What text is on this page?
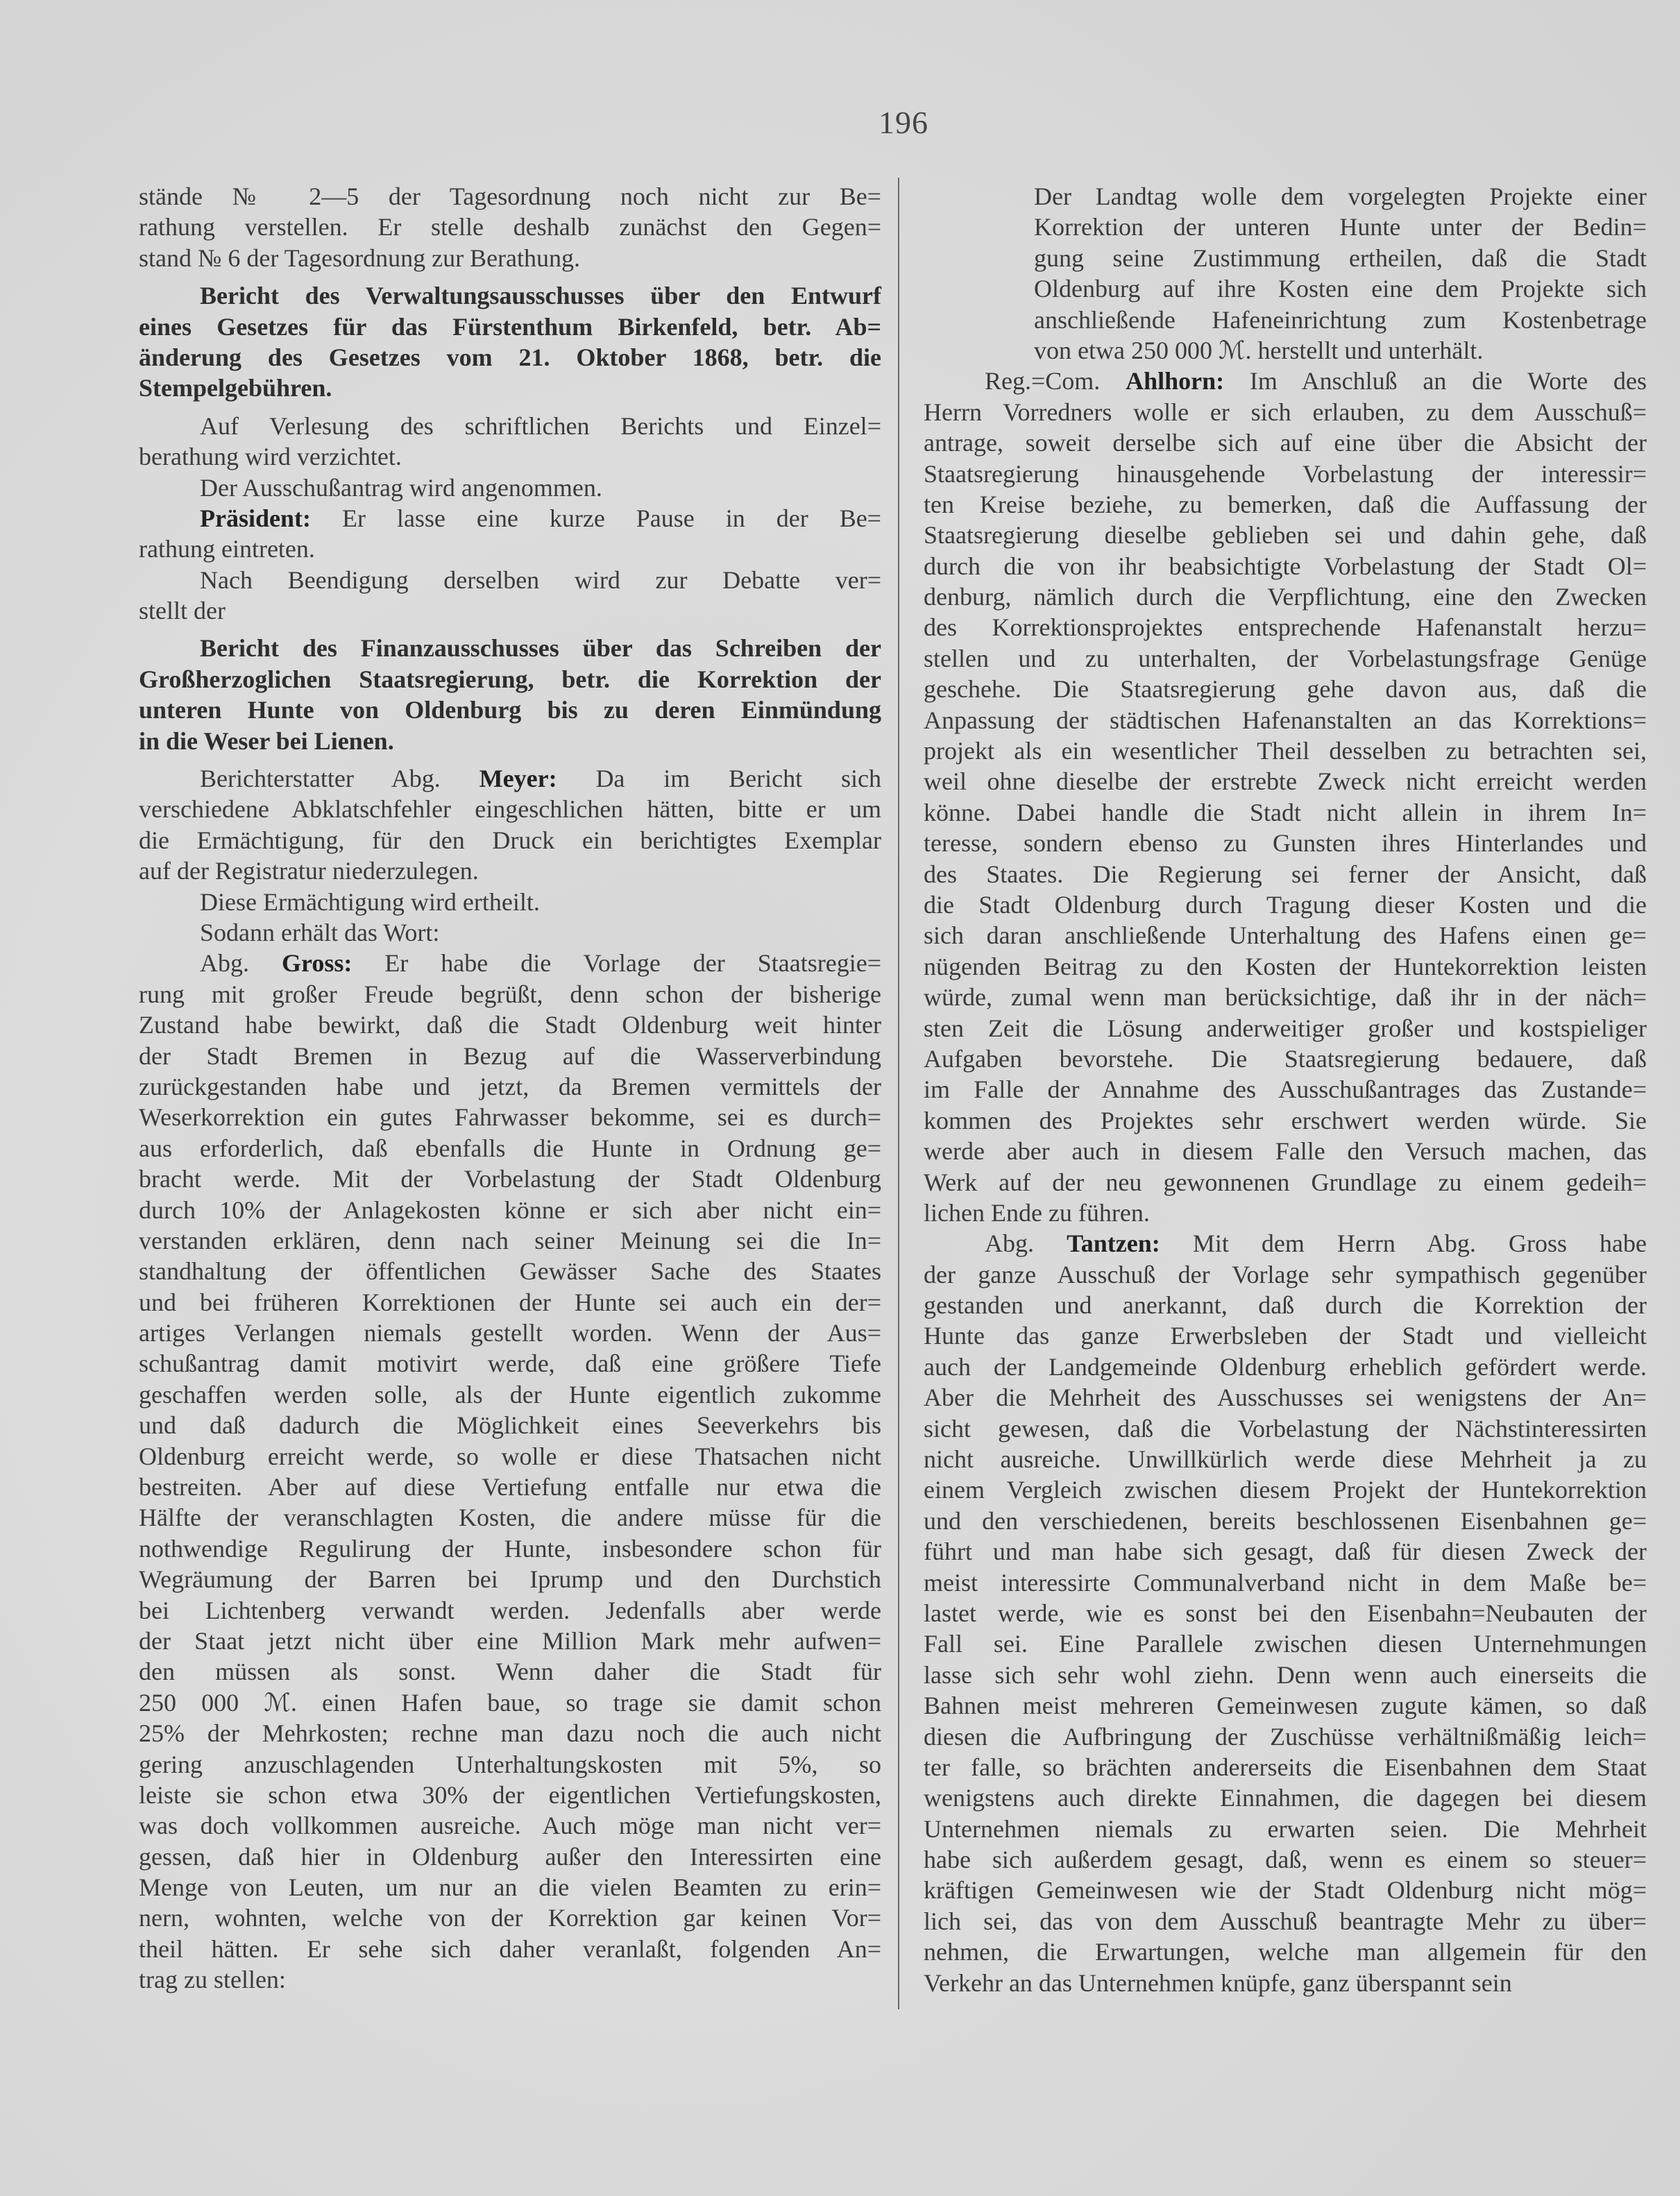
196
stände № 2—5 der Tagesordnung noch nicht zur Be=
rathung verstellen. Er stelle deshalb zunächst den Gegen=
stand № 6 der Tagesordnung zur Berathung.
Bericht des Verwaltungsausschusses über den Entwurf
eines Gesetzes für das Fürstenthum Birkenfeld, betr. Ab=
änderung des Gesetzes vom 21. Oktober 1868, betr. die
Stempelgebühren.
Auf Verlesung des schriftlichen Berichts und Einzel=
berathung wird verzichtet.
Der Ausschußantrag wird angenommen.
Präsident: Er lasse eine kurze Pause in der Be=
rathung eintreten.
Nach Beendigung derselben wird zur Debatte ver=
stellt der
Bericht des Finanzausschusses über das Schreiben der
Großherzoglichen Staatsregierung, betr. die Korrektion der
unteren Hunte von Oldenburg bis zu deren Einmündung
in die Weser bei Lienen.
Berichterstatter Abg. Meyer: Da im Bericht sich
verschiedene Abklatschfehler eingeschlichen hätten, bitte er um
die Ermächtigung, für den Druck ein berichtigtes Exemplar
auf der Registratur niederzulegen.
Diese Ermächtigung wird ertheilt.
Sodann erhält das Wort:
Abg. Gross: Er habe die Vorlage der Staatsregie=
rung mit großer Freude begrüßt, denn schon der bisherige
Zustand habe bewirkt, daß die Stadt Oldenburg weit hinter
der Stadt Bremen in Bezug auf die Wasserverbindung
zurückgestanden habe und jetzt, da Bremen vermittels der
Weserkorrektion ein gutes Fahrwasser bekomme, sei es durch=
aus erforderlich, daß ebenfalls die Hunte in Ordnung ge=
bracht werde. Mit der Vorbelastung der Stadt Oldenburg
durch 10% der Anlagekosten könne er sich aber nicht ein=
verstanden erklären, denn nach seiner Meinung sei die In=
standhaltung der öffentlichen Gewässer Sache des Staates
und bei früheren Korrektionen der Hunte sei auch ein der=
artiges Verlangen niemals gestellt worden. Wenn der Aus=
schußantrag damit motivirt werde, daß eine größere Tiefe
geschaffen werden solle, als der Hunte eigentlich zukomme
und daß dadurch die Möglichkeit eines Seeverkehrs bis
Oldenburg erreicht werde, so wolle er diese Thatsachen nicht
bestreiten. Aber auf diese Vertiefung entfalle nur etwa die
Hälfte der veranschlagten Kosten, die andere müsse für die
nothwendige Regulirung der Hunte, insbesondere schon für
Wegräumung der Barren bei Iprump und den Durchstich
bei Lichtenberg verwandt werden. Jedenfalls aber werde
der Staat jetzt nicht über eine Million Mark mehr aufwen=
den müssen als sonst. Wenn daher die Stadt für
250 000 ℳ. einen Hafen baue, so trage sie damit schon
25% der Mehrkosten; rechne man dazu noch die auch nicht
gering anzuschlagenden Unterhaltungskosten mit 5%, so
leiste sie schon etwa 30% der eigentlichen Vertiefungskosten,
was doch vollkommen ausreiche. Auch möge man nicht ver=
gessen, daß hier in Oldenburg außer den Interessirten eine
Menge von Leuten, um nur an die vielen Beamten zu erin=
nern, wohnten, welche von der Korrektion gar keinen Vor=
theil hätten. Er sehe sich daher veranlaßt, folgenden An=
trag zu stellen:
Der Landtag wolle dem vorgelegten Projekte einer
Korrektion der unteren Hunte unter der Bedin=
gung seine Zustimmung ertheilen, daß die Stadt
Oldenburg auf ihre Kosten eine dem Projekte sich
anschließende Hafeneinrichtung zum Kostenbetrage
von etwa 250 000 ℳ. herstellt und unterhält.
Reg.=Com. Ahlhorn: Im Anschluß an die Worte des
Herrn Vorredners wolle er sich erlauben, zu dem Ausschuß=
antrage, soweit derselbe sich auf eine über die Absicht der
Staatsregierung hinausgehende Vorbelastung der interessir=
ten Kreise beziehe, zu bemerken, daß die Auffassung der
Staatsregierung dieselbe geblieben sei und dahin gehe, daß
durch die von ihr beabsichtigte Vorbelastung der Stadt Ol=
denburg, nämlich durch die Verpflichtung, eine den Zwecken
des Korrektionsprojektes entsprechende Hafenanstalt herzu=
stellen und zu unterhalten, der Vorbelastungsfrage Genüge
geschehe. Die Staatsregierung gehe davon aus, daß die
Anpassung der städtischen Hafenanstalten an das Korrektions=
projekt als ein wesentlicher Theil desselben zu betrachten sei,
weil ohne dieselbe der erstrebte Zweck nicht erreicht werden
könne. Dabei handle die Stadt nicht allein in ihrem In=
teresse, sondern ebenso zu Gunsten ihres Hinterlandes und
des Staates. Die Regierung sei ferner der Ansicht, daß
die Stadt Oldenburg durch Tragung dieser Kosten und die
sich daran anschließende Unterhaltung des Hafens einen ge=
nügenden Beitrag zu den Kosten der Huntekorrektion leisten
würde, zumal wenn man berücksichtige, daß ihr in der näch=
sten Zeit die Lösung anderweitiger großer und kostspieliger
Aufgaben bevorstehe. Die Staatsregierung bedauere, daß
im Falle der Annahme des Ausschußantrages das Zustande=
kommen des Projektes sehr erschwert werden würde. Sie
werde aber auch in diesem Falle den Versuch machen, das
Werk auf der neu gewonnenen Grundlage zu einem gedeih=
lichen Ende zu führen.
Abg. Tantzen: Mit dem Herrn Abg. Gross habe
der ganze Ausschuß der Vorlage sehr sympathisch gegenüber
gestanden und anerkannt, daß durch die Korrektion der
Hunte das ganze Erwerbsleben der Stadt und vielleicht
auch der Landgemeinde Oldenburg erheblich gefördert werde.
Aber die Mehrheit des Ausschusses sei wenigstens der An=
sicht gewesen, daß die Vorbelastung der Nächstinteressirten
nicht ausreiche. Unwillkürlich werde diese Mehrheit ja zu
einem Vergleich zwischen diesem Projekt der Huntekorrektion
und den verschiedenen, bereits beschlossenen Eisenbahnen ge=
führt und man habe sich gesagt, daß für diesen Zweck der
meist interessirte Communalverband nicht in dem Maße be=
lastet werde, wie es sonst bei den Eisenbahn=Neubauten der
Fall sei. Eine Parallele zwischen diesen Unternehmungen
lasse sich sehr wohl ziehn. Denn wenn auch einerseits die
Bahnen meist mehreren Gemeinwesen zugute kämen, so daß
diesen die Aufbringung der Zuschüsse verhältnißmäßig leich=
ter falle, so brächten andererseits die Eisenbahnen dem Staat
wenigstens auch direkte Einnahmen, die dagegen bei diesem
Unternehmen niemals zu erwarten seien. Die Mehrheit
habe sich außerdem gesagt, daß, wenn es einem so steuer=
kräftigen Gemeinwesen wie der Stadt Oldenburg nicht mög=
lich sei, das von dem Ausschuß beantragte Mehr zu über=
nehmen, die Erwartungen, welche man allgemein für den
Verkehr an das Unternehmen knüpfe, ganz überspannt sein
